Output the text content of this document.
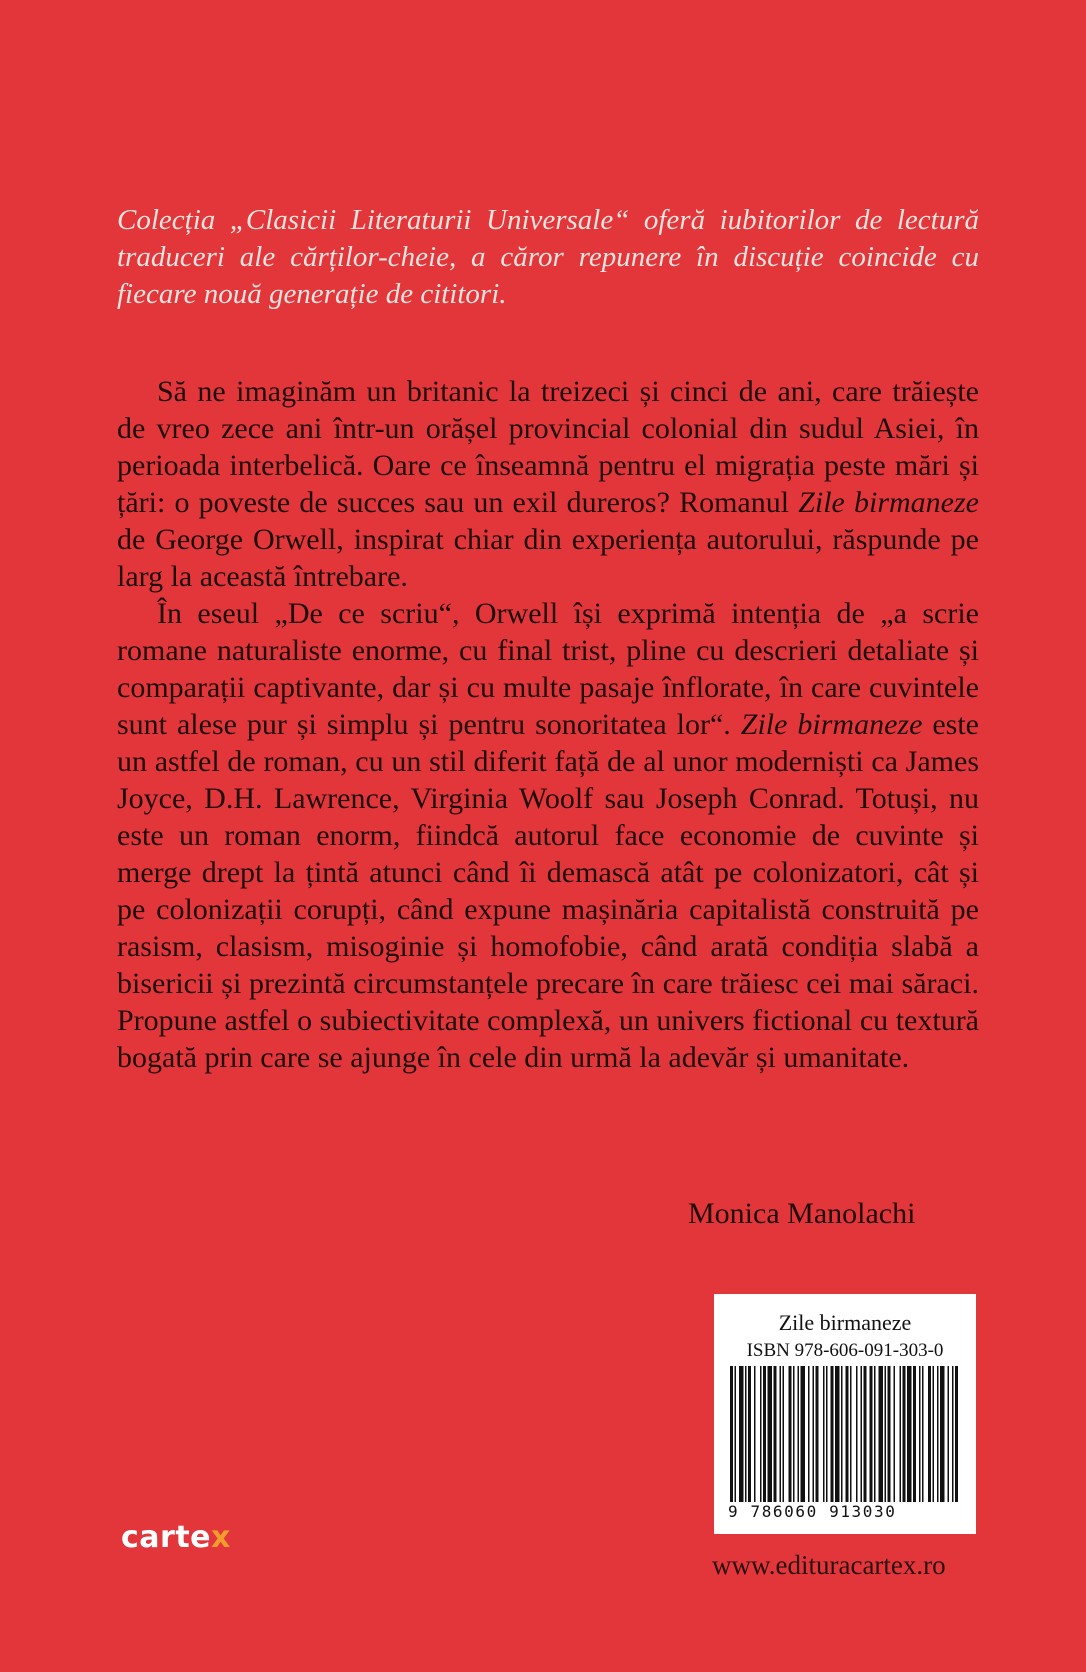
Colecția „Clasicii Literaturii Universale“ oferă iubitorilor de lectură traduceri ale cărților-cheie, a căror repunere în discuție coincide cu fiecare nouă generație de cititori.

Să ne imaginăm un britanic la treizeci și cinci de ani, care trăiește de vreo zece ani într-un orășel provincial colonial din sudul Asiei, în perioada interbelică. Oare ce înseamnă pentru el migrația peste mări și țări: o poveste de succes sau un exil dureros? Romanul Zile birmaneze de George Orwell, inspirat chiar din experiența autorului, răspunde pe larg la această întrebare.

În eseul „De ce scriu“, Orwell își exprimă intenția de „a scrie romane naturaliste enorme, cu final trist, pline cu descrieri detaliate și comparații captivante, dar și cu multe pasaje înflorate, în care cuvintele sunt alese pur și simplu și pentru sonoritatea lor“. Zile birmaneze este un astfel de roman, cu un stil diferit față de al unor moderniști ca James Joyce, D.H. Lawrence, Virginia Woolf sau Joseph Conrad. Totuși, nu este un roman enorm, fiindcă autorul face economie de cuvinte și merge drept la țintă atunci când îi demască atât pe colonizatori, cât și pe colonizații corupți, când expune mașinăria capitalistă construită pe rasism, clasism, misoginie și homofobie, când arată condiția slabă a bisericii și prezintă circumstanțele precare în care trăiesc cei mai săraci. Propune astfel o subiectivitate complexă, un univers fictional cu textură bogată prin care se ajunge în cele din urmă la adevăr și umanitate.

Monica Manolachi
Zile birmaneze
ISBN 978-606-091-303-0
9 786060 913030
cartex
www.edituracartex.ro
